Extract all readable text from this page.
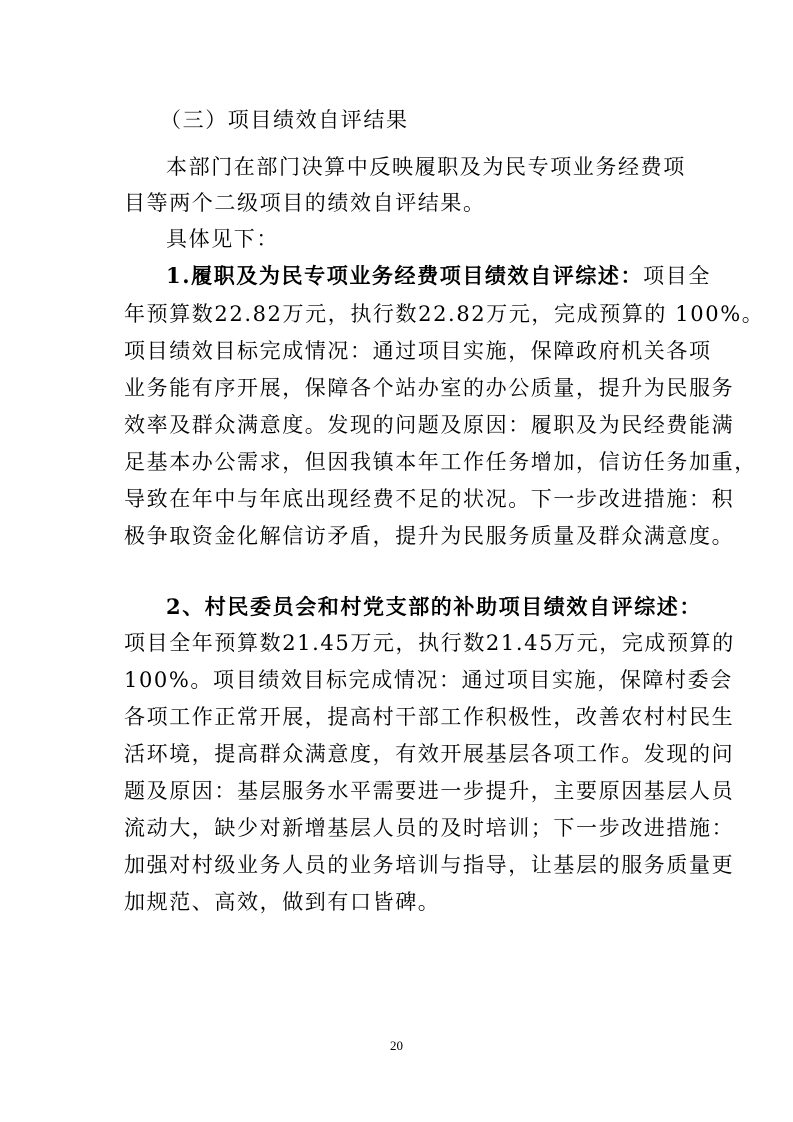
（三）项目绩效自评结果
本部门在部门决算中反映履职及为民专项业务经费项
目等两个二级项目的绩效自评结果。
具体见下：
1.履职及为民专项业务经费项目绩效自评综述：项目全
年预算数22.82万元，执行数22.82万元，完成预算的 100%。
项目绩效目标完成情况：通过项目实施，保障政府机关各项
业务能有序开展，保障各个站办室的办公质量，提升为民服务
效率及群众满意度。发现的问题及原因：履职及为民经费能满
足基本办公需求，但因我镇本年工作任务增加，信访任务加重，
导致在年中与年底出现经费不足的状况。下一步改进措施：积
极争取资金化解信访矛盾，提升为民服务质量及群众满意度。
2、村民委员会和村党支部的补助项目绩效自评综述：
项目全年预算数21.45万元，执行数21.45万元，完成预算的
100%。项目绩效目标完成情况：通过项目实施，保障村委会
各项工作正常开展，提高村干部工作积极性，改善农村村民生
活环境，提高群众满意度，有效开展基层各项工作。发现的问
题及原因：基层服务水平需要进一步提升，主要原因基层人员
流动大，缺少对新增基层人员的及时培训；下一步改进措施：
加强对村级业务人员的业务培训与指导，让基层的服务质量更
加规范、高效，做到有口皆碑。
20
